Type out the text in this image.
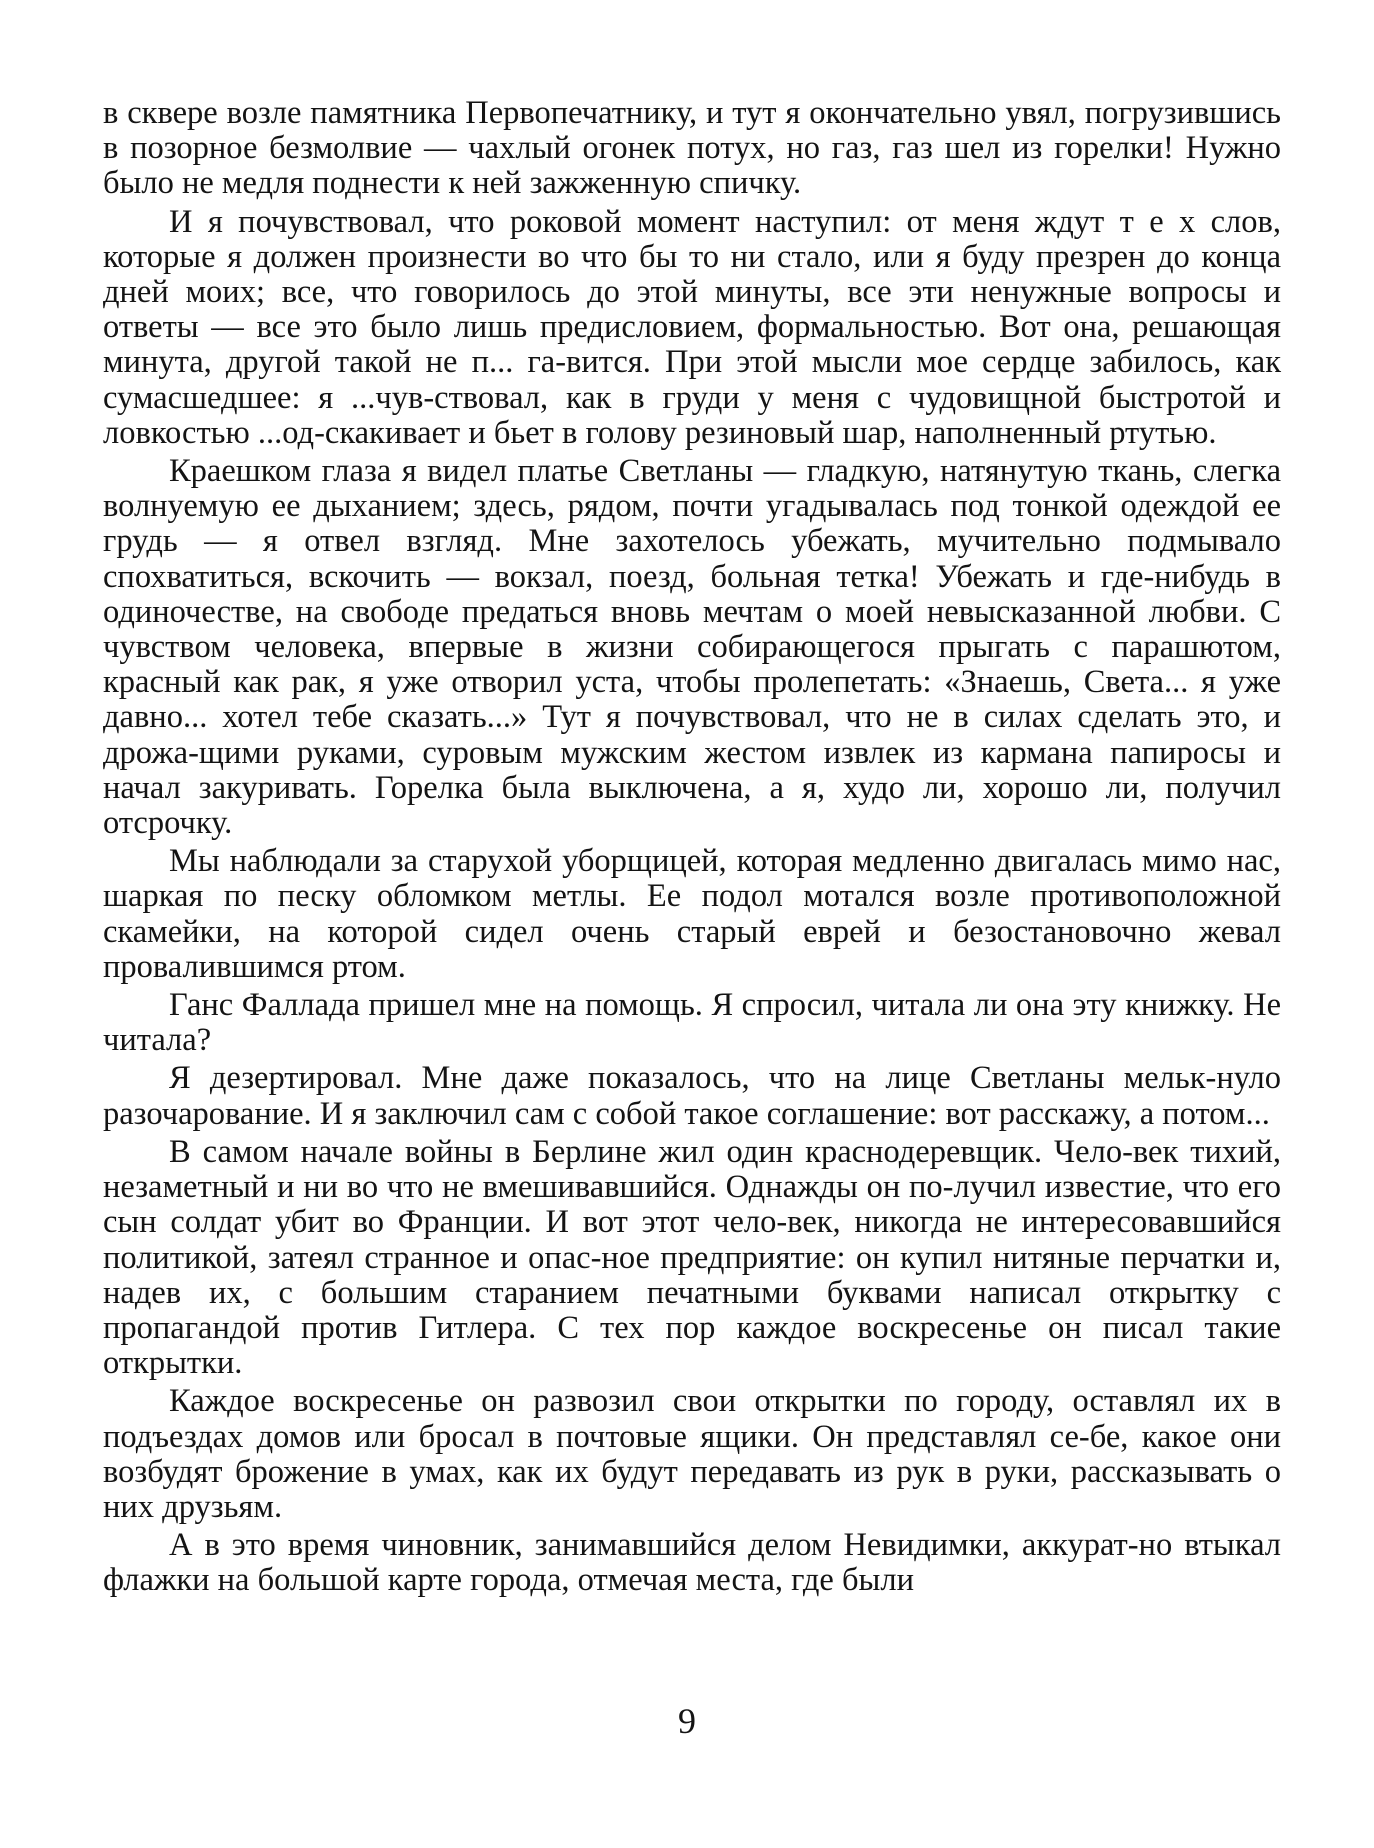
в сквере возле памятника Первопечатнику, и тут я окончательно увял, погрузившись в позорное безмолвие — чахлый огонек потух, но газ, газ шел из горелки! Нужно было не медля поднести к ней зажженную спичку.

И я почувствовал, что роковой момент наступил: от меня ждут т е х слов, которые я должен произнести во что бы то ни стало, или я буду презрен до конца дней моих; все, что говорилось до этой минуты, все эти ненужные вопросы и ответы — все это было лишь предисловием, формальностью. Вот она, решающая минута, другой такой не п... га-вится. При этой мысли мое сердце забилось, как сумасшедшее: я ...чув-ствовал, как в груди у меня с чудовищной быстротой и ловкостью ...од-скакивает и бьет в голову резиновый шар, наполненный ртутью.

Краешком глаза я видел платье Светланы — гладкую, натянутую ткань, слегка волнуемую ее дыханием; здесь, рядом, почти угадывалась под тонкой одеждой ее грудь — я отвел взгляд. Мне захотелось убежать, мучительно подмывало спохватиться, вскочить — вокзал, поезд, больная тетка! Убежать и где-нибудь в одиночестве, на свободе предаться вновь мечтам о моей невысказанной любви. С чувством человека, впервые в жизни собирающегося прыгать с парашютом, красный как рак, я уже отворил уста, чтобы пролепетать: «Знаешь, Света... я уже давно... хотел тебе сказать...» Тут я почувствовал, что не в силах сделать это, и дрожа-щими руками, суровым мужским жестом извлек из кармана папиросы и начал закуривать. Горелка была выключена, а я, худо ли, хорошо ли, получил отсрочку.

Мы наблюдали за старухой уборщицей, которая медленно двигалась мимо нас, шаркая по песку обломком метлы. Ее подол мотался возле противоположной скамейки, на которой сидел очень старый еврей и безостановочно жевал провалившимся ртом.

Ганс Фаллада пришел мне на помощь. Я спросил, читала ли она эту книжку. Не читала?

Я дезертировал. Мне даже показалось, что на лице Светланы мельк-нуло разочарование. И я заключил сам с собой такое соглашение: вот расскажу, а потом...

В самом начале войны в Берлине жил один краснодеревщик. Чело-век тихий, незаметный и ни во что не вмешивавшийся. Однажды он по-лучил известие, что его сын солдат убит во Франции. И вот этот чело-век, никогда не интересовавшийся политикой, затеял странное и опас-ное предприятие: он купил нитяные перчатки и, надев их, с большим старанием печатными буквами написал открытку с пропагандой против Гитлера. С тех пор каждое воскресенье он писал такие открытки.

Каждое воскресенье он развозил свои открытки по городу, оставлял их в подъездах домов или бросал в почтовые ящики. Он представлял се-бе, какое они возбудят брожение в умах, как их будут передавать из рук в руки, рассказывать о них друзьям.

А в это время чиновник, занимавшийся делом Невидимки, аккурат-но втыкал флажки на большой карте города, отмечая места, где были

9
